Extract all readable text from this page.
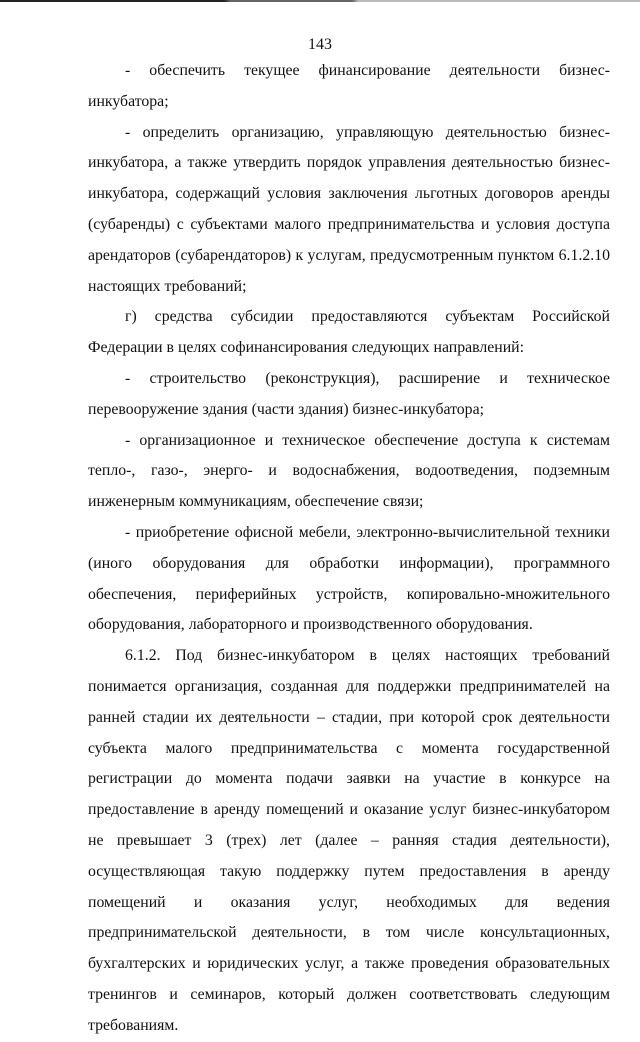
143

- обеспечить текущее финансирование деятельности бизнес-инкубатора;

- определить организацию, управляющую деятельностью бизнес-инкубатора, а также утвердить порядок управления деятельностью бизнес-инкубатора, содержащий условия заключения льготных договоров аренды (субаренды) с субъектами малого предпринимательства и условия доступа арендаторов (субарендаторов) к услугам, предусмотренным пунктом 6.1.2.10 настоящих требований;

г) средства субсидии предоставляются субъектам Российской Федерации в целях софинансирования следующих направлений:

- строительство (реконструкция), расширение и техническое перевооружение здания (части здания) бизнес-инкубатора;

- организационное и техническое обеспечение доступа к системам тепло-, газо-, энерго- и водоснабжения, водоотведения, подземным инженерным коммуникациям, обеспечение связи;

- приобретение офисной мебели, электронно-вычислительной техники (иного оборудования для обработки информации), программного обеспечения, периферийных устройств, копировально-множительного оборудования, лабораторного и производственного оборудования.

6.1.2. Под бизнес-инкубатором в целях настоящих требований понимается организация, созданная для поддержки предпринимателей на ранней стадии их деятельности – стадии, при которой срок деятельности субъекта малого предпринимательства с момента государственной регистрации до момента подачи заявки на участие в конкурсе на предоставление в аренду помещений и оказание услуг бизнес-инкубатором не превышает 3 (трех) лет (далее – ранняя стадия деятельности), осуществляющая такую поддержку путем предоставления в аренду помещений и оказания услуг, необходимых для ведения предпринимательской деятельности, в том числе консультационных, бухгалтерских и юридических услуг, а также проведения образовательных тренингов и семинаров, который должен соответствовать следующим требованиям.
